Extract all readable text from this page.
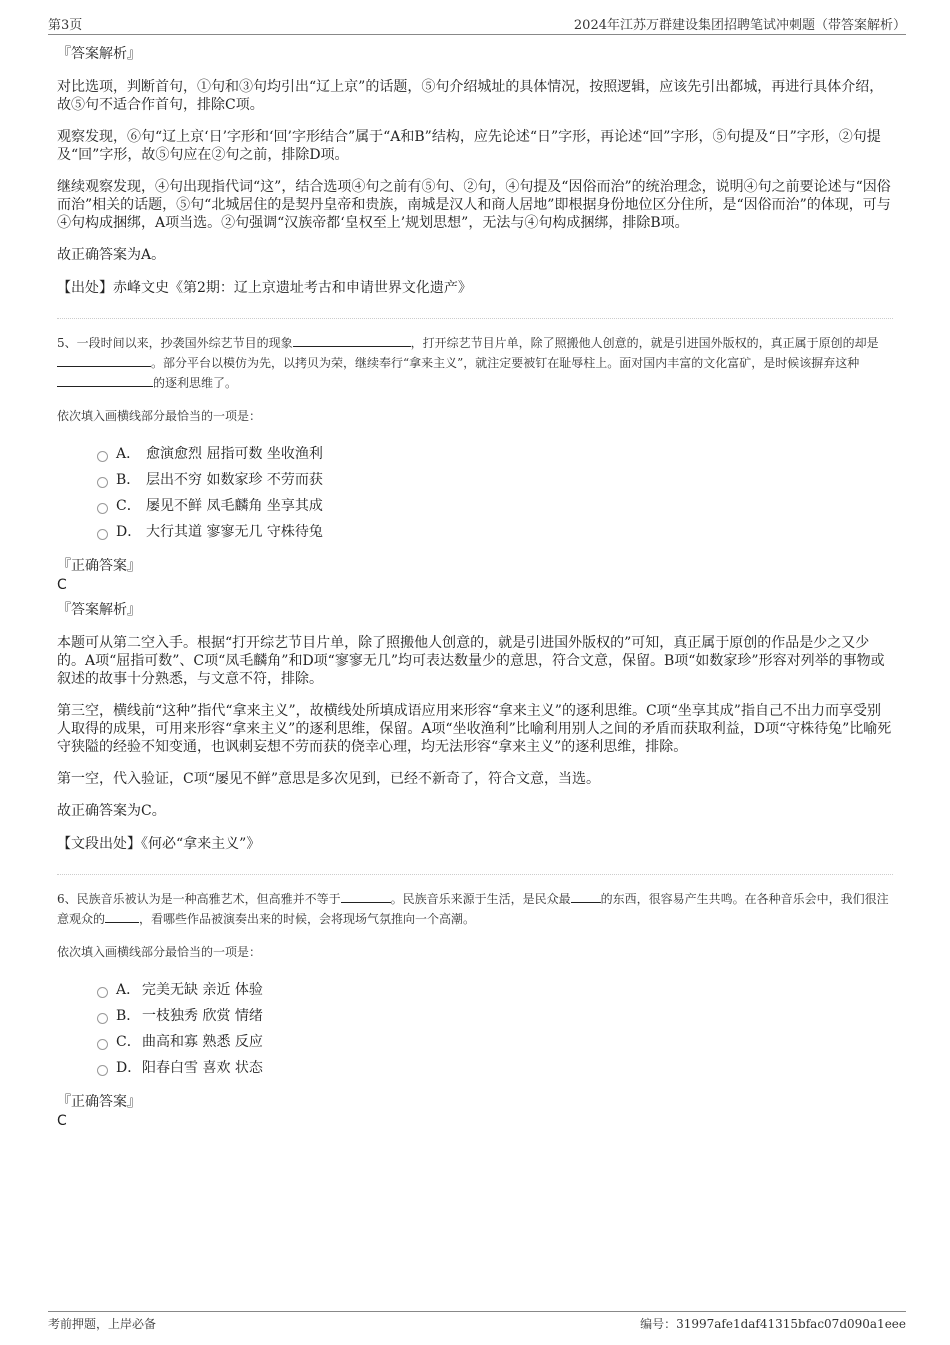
第3页	2024年江苏万群建设集团招聘笔试冲刺题（带答案解析）

『答案解析』

对比选项，判断首句，①句和③句均引出“辽上京”的话题，⑤句介绍城址的具体情况，按照逻辑，应该先引出都城，再进行具体介绍，故⑤句不适合作首句，排除C项。

观察发现，⑥句“辽上京‘日’字形和‘回’字形结合”属于“A和B”结构，应先论述“日”字形，再论述“回”字形，⑤句提及“日”字形，②句提及“回”字形，故⑤句应在②句之前，排除D项。

继续观察发现，④句出现指代词“这”，结合选项④句之前有⑤句、②句，④句提及“因俗而治”的统治理念，说明④句之前要论述与“因俗而治”相关的话题，⑤句“北城居住的是契丹皇帝和贵族，南城是汉人和商人居地”即根据身份地位区分住所，是“因俗而治”的体现，可与④句构成捆绑，A项当选。②句强调“汉族帝都‘皇权至上’规划思想”，无法与④句构成捆绑，排除B项。

故正确答案为A。

【出处】赤峰文史《第2期：辽上京遗址考古和申请世界文化遗产》

5、一段时间以来，抄袭国外综艺节目的现象	，打开综艺节目片单，除了照搬他人创意的，就是引进国外版权的，真正属于原创的却是。部分平台以模仿为先，以拷贝为荣，继续奉行“拿来主义”，就注定要被钉在耻辱柱上。面对国内丰富的文化富矿，是时候该摒弃这种的逐利思维了。

依次填入画横线部分最恰当的一项是：

A． 愈演愈烈 屈指可数 坐收渔利
B． 层出不穷 如数家珍 不劳而获
C． 屡见不鲜 凤毛麟角 坐享其成
D． 大行其道 寥寥无几 守株待兔

『正确答案』

C

『答案解析』

本题可从第二空入手。根据“打开综艺节目片单，除了照搬他人创意的，就是引进国外版权的”可知，真正属于原创的作品是少之又少的。A项“屈指可数”、C项“凤毛麟角”和D项“寥寥无几”均可表达数量少的意思，符合文意，保留。B项“如数家珍”形容对列举的事物或叙述的故事十分熟悉，与文意不符，排除。

第三空，横线前“这种”指代“拿来主义”，故横线处所填成语应用来形容“拿来主义”的逐利思维。C项“坐享其成”指自己不出力而享受别人取得的成果，可用来形容“拿来主义”的逐利思维，保留。A项“坐收渔利”比喻利用别人之间的矛盾而获取利益，D项“守株待兔”比喻死守狭隘的经验不知变通，也讽刺妄想不劳而获的侥幸心理，均无法形容“拿来主义”的逐利思维，排除。

第一空，代入验证，C项“屡见不鲜”意思是多次见到，已经不新奇了，符合文意，当选。

故正确答案为C。

【文段出处】《何必“拿来主义”》

6、民族音乐被认为是一种高雅艺术，但高雅并不等于	。民族音乐来源于生活，是民众最	的东西，很容易产生共鸣。在各种音乐会中，我们很注意观众的	，看哪些作品被演奏出来的时候，会将现场气氛推向一个高潮。

依次填入画横线部分最恰当的一项是：

A． 完美无缺 亲近 体验
B． 一枝独秀 欣赏 情绪
C．曲高和寡 熟悉 反应
D．阳春白雪 喜欢 状态

『正确答案』

C

考前押题，上岸必备	编号：31997afe1daf41315bfac07d090a1eee
